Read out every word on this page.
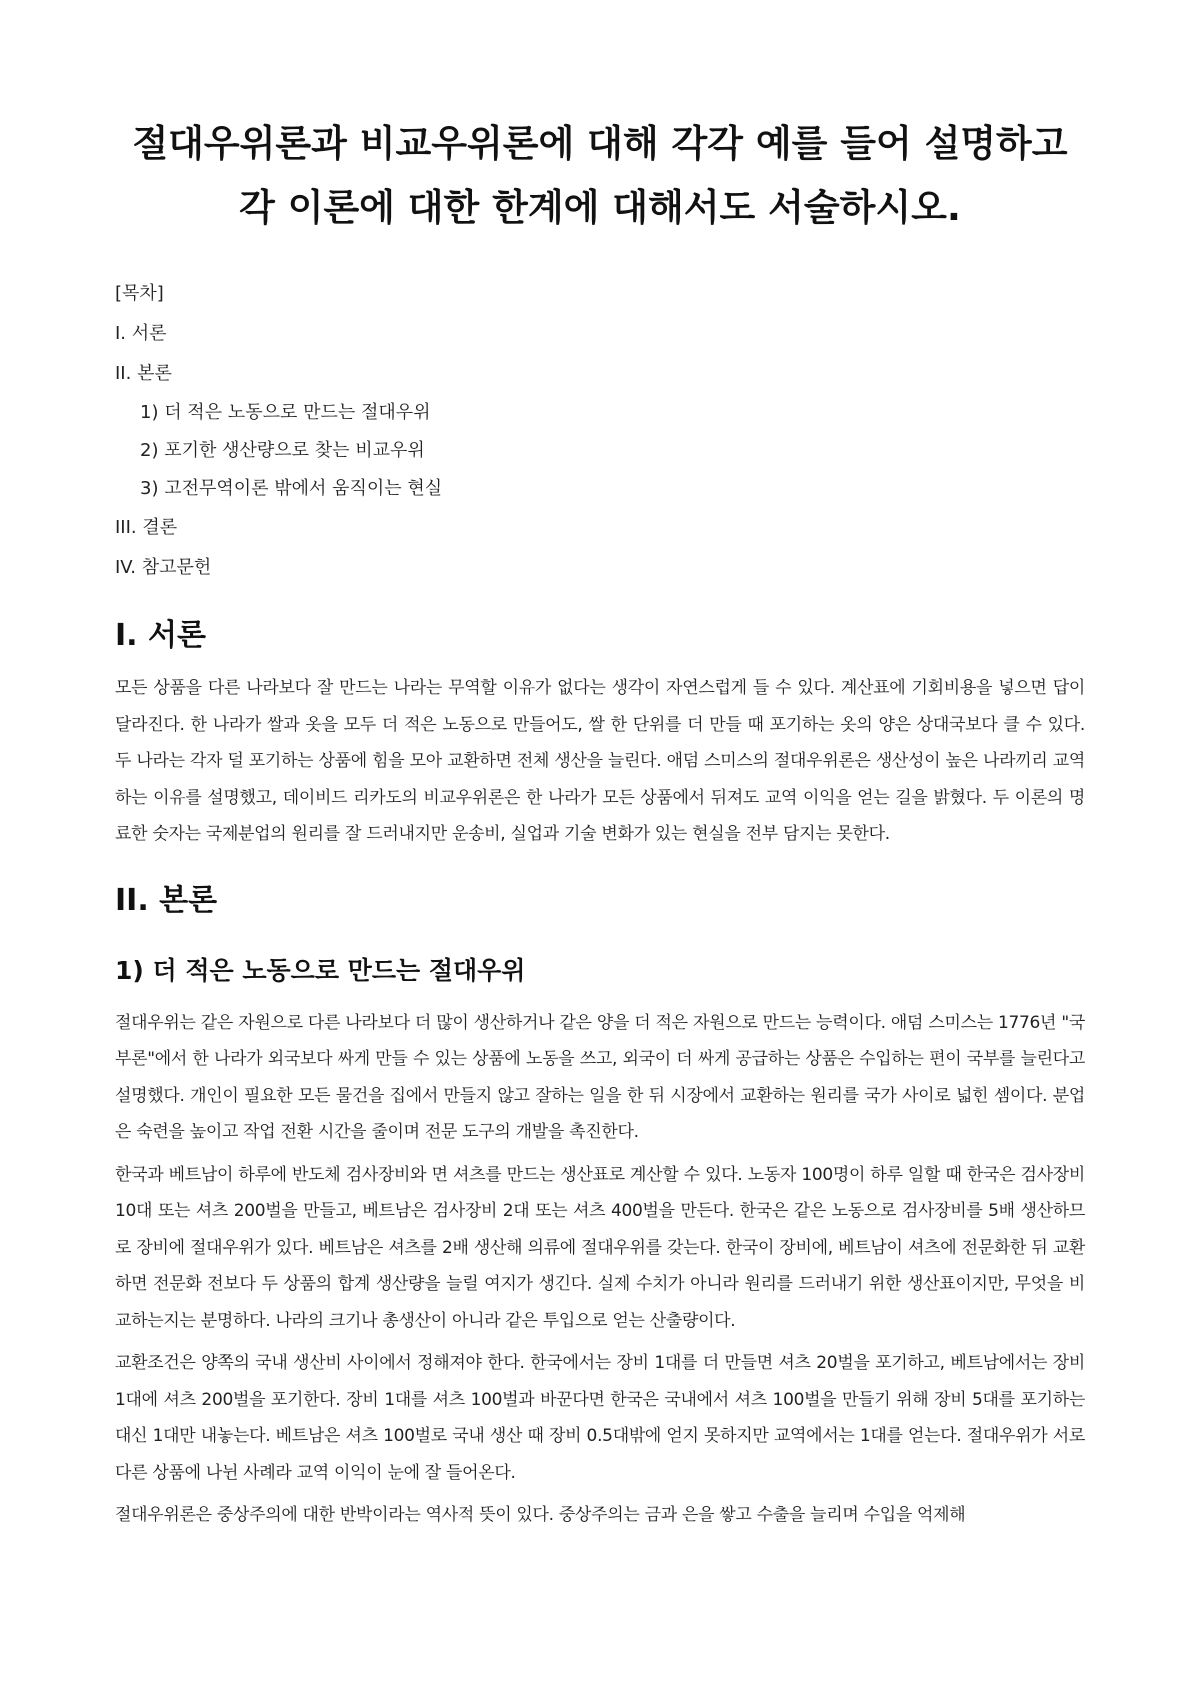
절대우위론과 비교우위론에 대해 각각 예를 들어 설명하고 각 이론에 대한 한계에 대해서도 서술하시오.
[목차]
I. 서론
II. 본론
1) 더 적은 노동으로 만드는 절대우위
2) 포기한 생산량으로 찾는 비교우위
3) 고전무역이론 밖에서 움직이는 현실
III. 결론
IV. 참고문헌
I. 서론

모든 상품을 다른 나라보다 잘 만드는 나라는 무역할 이유가 없다는 생각이 자연스럽게 들 수 있다. 계산표에 기회비용을 넣으면 답이 달라진다. 한 나라가 쌀과 옷을 모두 더 적은 노동으로 만들어도, 쌀 한 단위를 더 만들 때 포기하는 옷의 양은 상대국보다 클 수 있다. 두 나라는 각자 덜 포기하는 상품에 힘을 모아 교환하면 전체 생산을 늘린다. 애덤 스미스의 절대우위론은 생산성이 높은 나라끼리 교역하는 이유를 설명했고, 데이비드 리카도의 비교우위론은 한 나라가 모든 상품에서 뒤져도 교역 이익을 얻는 길을 밝혔다. 두 이론의 명료한 숫자는 국제분업의 원리를 잘 드러내지만 운송비, 실업과 기술 변화가 있는 현실을 전부 담지는 못한다.

II. 본론
1) 더 적은 노동으로 만드는 절대우위

절대우위는 같은 자원으로 다른 나라보다 더 많이 생산하거나 같은 양을 더 적은 자원으로 만드는 능력이다. 애덤 스미스는 1776년 "국부론"에서 한 나라가 외국보다 싸게 만들 수 있는 상품에 노동을 쓰고, 외국이 더 싸게 공급하는 상품은 수입하는 편이 국부를 늘린다고 설명했다. 개인이 필요한 모든 물건을 집에서 만들지 않고 잘하는 일을 한 뒤 시장에서 교환하는 원리를 국가 사이로 넓힌 셈이다. 분업은 숙련을 높이고 작업 전환 시간을 줄이며 전문 도구의 개발을 촉진한다.

한국과 베트남이 하루에 반도체 검사장비와 면 셔츠를 만드는 생산표로 계산할 수 있다. 노동자 100명이 하루 일할 때 한국은 검사장비 10대 또는 셔츠 200벌을 만들고, 베트남은 검사장비 2대 또는 셔츠 400벌을 만든다. 한국은 같은 노동으로 검사장비를 5배 생산하므로 장비에 절대우위가 있다. 베트남은 셔츠를 2배 생산해 의류에 절대우위를 갖는다. 한국이 장비에, 베트남이 셔츠에 전문화한 뒤 교환하면 전문화 전보다 두 상품의 합계 생산량을 늘릴 여지가 생긴다. 실제 수치가 아니라 원리를 드러내기 위한 생산표이지만, 무엇을 비교하는지는 분명하다. 나라의 크기나 총생산이 아니라 같은 투입으로 얻는 산출량이다.

교환조건은 양쪽의 국내 생산비 사이에서 정해져야 한다. 한국에서는 장비 1대를 더 만들면 셔츠 20벌을 포기하고, 베트남에서는 장비 1대에 셔츠 200벌을 포기한다. 장비 1대를 셔츠 100벌과 바꾼다면 한국은 국내에서 셔츠 100벌을 만들기 위해 장비 5대를 포기하는 대신 1대만 내놓는다. 베트남은 셔츠 100벌로 국내 생산 때 장비 0.5대밖에 얻지 못하지만 교역에서는 1대를 얻는다. 절대우위가 서로 다른 상품에 나뉜 사례라 교역 이익이 눈에 잘 들어온다.

절대우위론은 중상주의에 대한 반박이라는 역사적 뜻이 있다. 중상주의는 금과 은을 쌓고 수출을 늘리며 수입을 억제해
